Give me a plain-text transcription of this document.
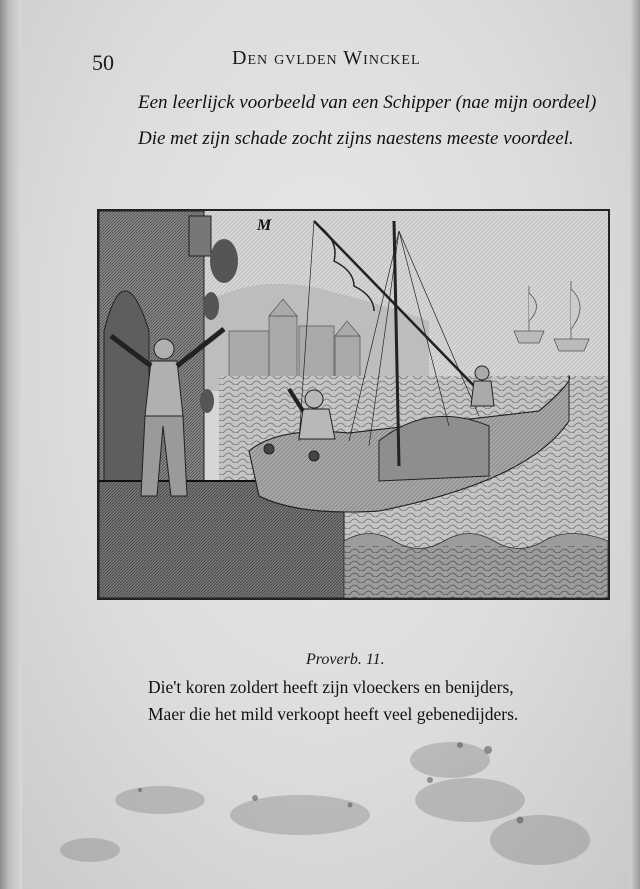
50	Den gvlden Winckel
Een leerlijck voorbeeld van een Schipper (nae mijn oordeel)
Die met zijn schade zocht zijns naestens meeste voordeel.
M
Proverb. 11.
Die't koren zoldert heeft zijn vloeckers en benijders,
Maer die het mild verkoopt heeft veel gebenedijders.
